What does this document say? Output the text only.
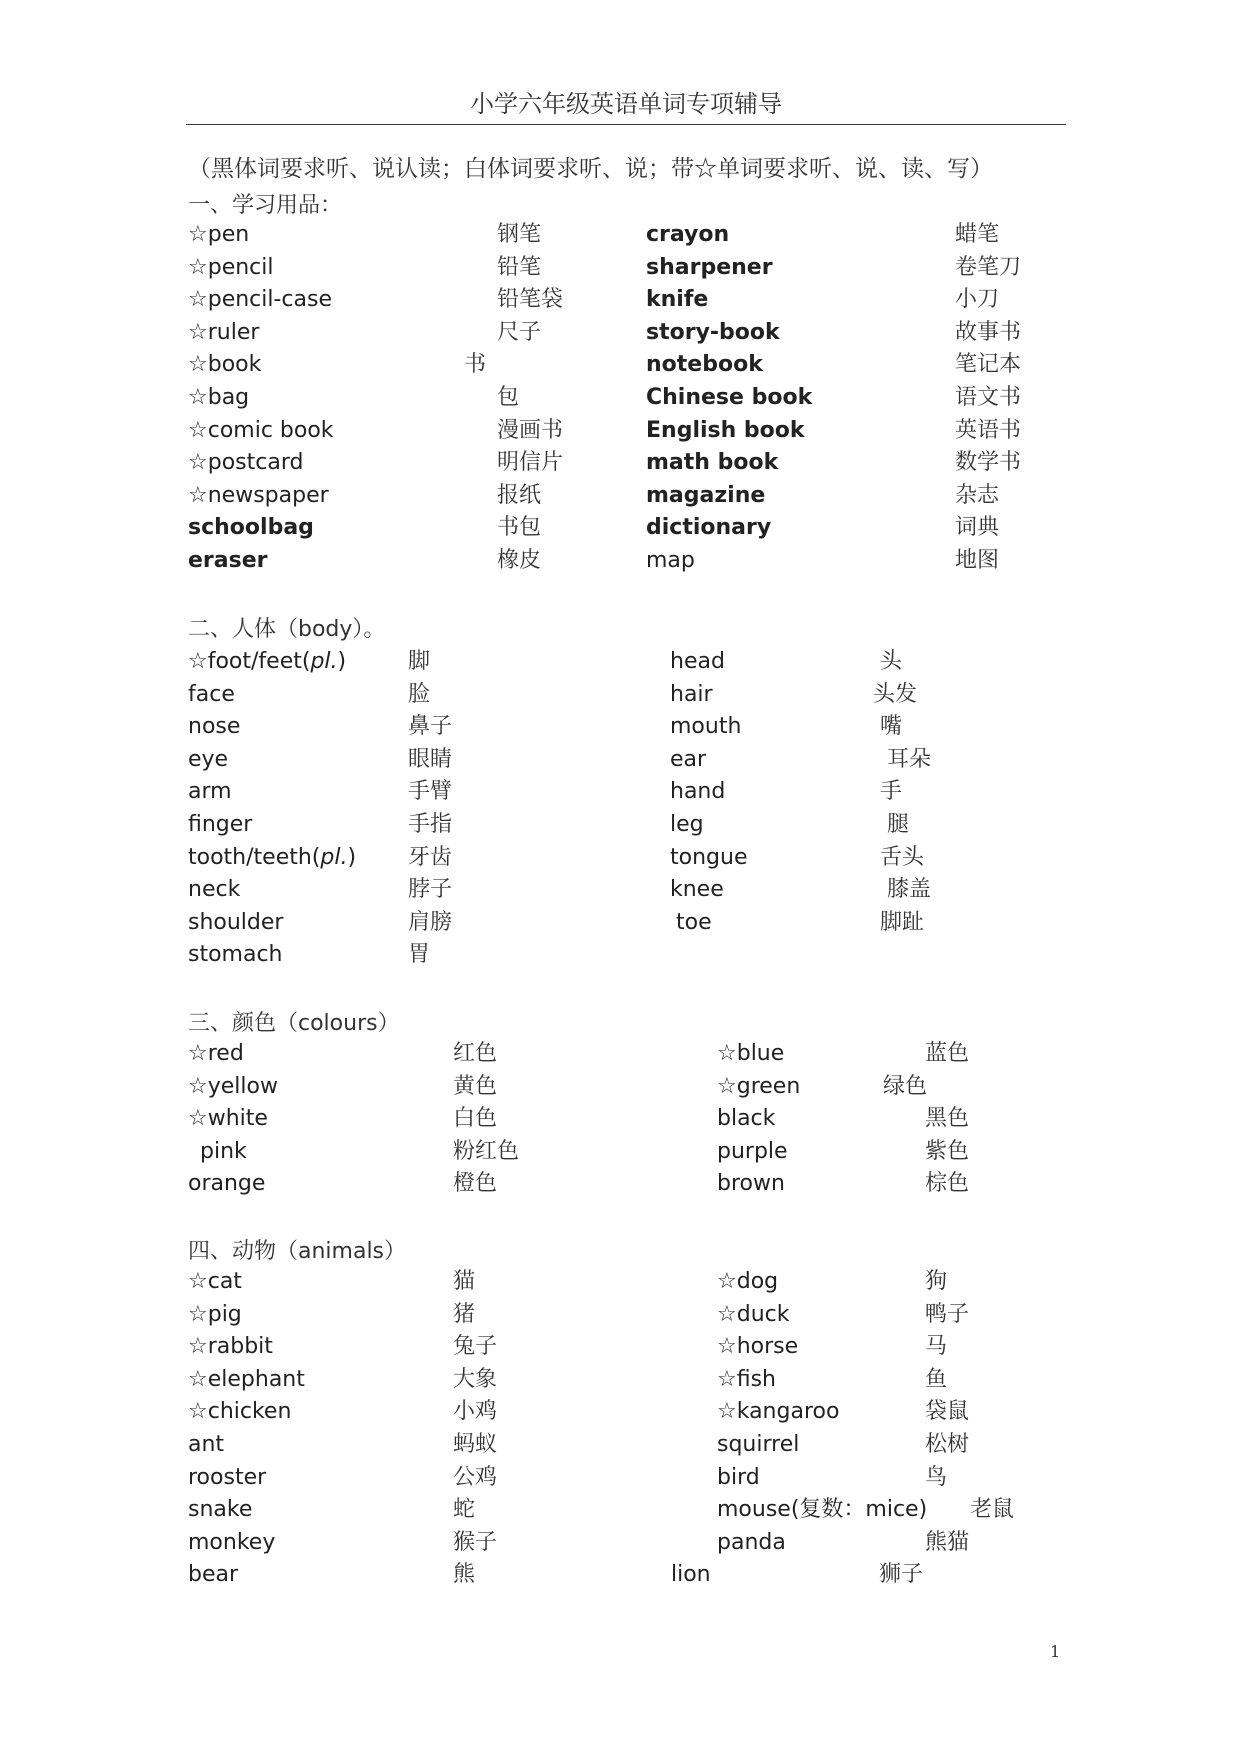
小学六年级英语单词专项辅导
（黑体词要求听、说认读；白体词要求听、说；带☆单词要求听、说、读、写）
一、学习用品：
☆pen	钢笔	crayon	蜡笔
☆pencil	铅笔	sharpener	卷笔刀
☆pencil-case	铅笔袋	knife	小刀
☆ruler	尺子	story-book	故事书
☆book	书	notebook	笔记本
☆bag	包	Chinese book	语文书
☆comic book	漫画书	English book	英语书
☆postcard	明信片	math book	数学书
☆newspaper	报纸	magazine	杂志
schoolbag	书包	dictionary	词典
eraser	橡皮	map	地图
二、人体（body）。
☆foot/feet(pl.)	脚	head	头
face	脸	hair	头发
nose	鼻子	mouth	嘴
eye	眼睛	ear	耳朵
arm	手臂	hand	手
finger	手指	leg	腿
tooth/teeth(pl.) 牙齿	tongue	舌头
neck	脖子	knee	膝盖
shoulder	肩膀	toe	脚趾
stomach	胃
三、颜色（colours）
☆red	红色	☆blue	蓝色
☆yellow	黄色	☆green	绿色
☆white	白色	black	黑色
pink	粉红色	purple	紫色
orange	橙色	brown	棕色
四、动物（animals）
☆cat	猫	☆dog	狗
☆pig	猪	☆duck	鸭子
☆rabbit	兔子	☆horse	马
☆elephant	大象	☆fish	鱼
☆chicken	小鸡	☆kangaroo	袋鼠
ant	蚂蚁	squirrel	松树
rooster	公鸡	bird	鸟
snake	蛇	mouse(复数：mice) 老鼠
monkey	猴子	panda	熊猫
bear	熊	lion	狮子
1
